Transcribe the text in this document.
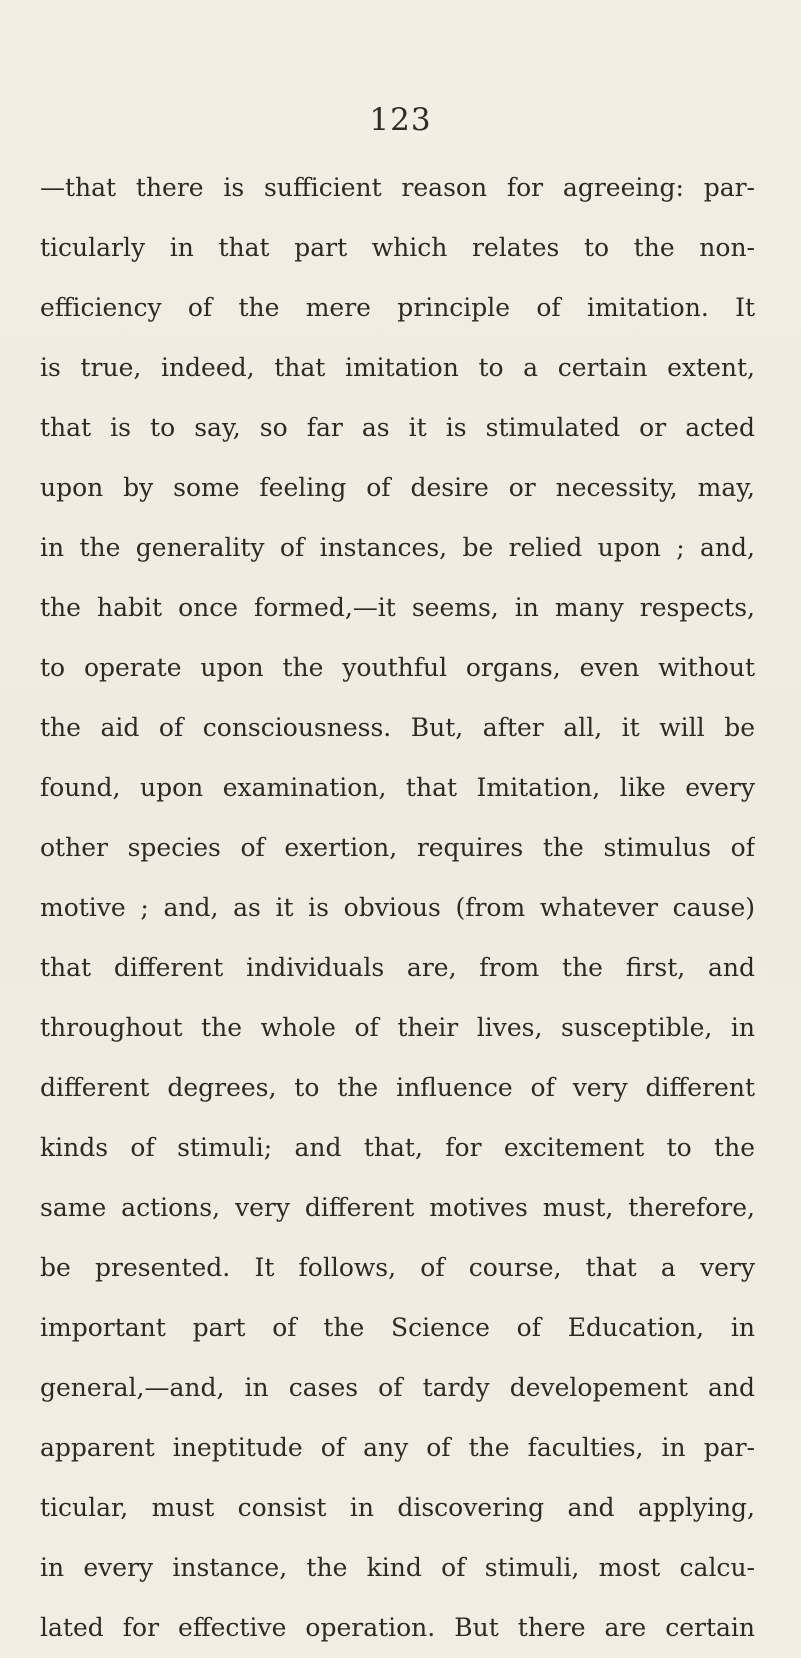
123
—that there is sufficient reason for agreeing: par-
ticularly in that part which relates to the non-
efficiency of the mere principle of imitation. It
is true, indeed, that imitation to a certain extent,
that is to say, so far as it is stimulated or acted
upon by some feeling of desire or necessity, may,
in the generality of instances, be relied upon ; and,
the habit once formed,—it seems, in many respects,
to operate upon the youthful organs, even without
the aid of consciousness. But, after all, it will be
found, upon examination, that Imitation, like every
other species of exertion, requires the stimulus of
motive ; and, as it is obvious (from whatever cause)
that different individuals are, from the first, and
throughout the whole of their lives, susceptible, in
different degrees, to the influence of very different
kinds of stimuli; and that, for excitement to the
same actions, very different motives must, therefore,
be presented. It follows, of course, that a very
important part of the Science of Education, in
general,—and, in cases of tardy developement and
apparent ineptitude of any of the faculties, in par-
ticular, must consist in discovering and applying,
in every instance, the kind of stimuli, most calcu-
lated for effective operation. But there are certain
